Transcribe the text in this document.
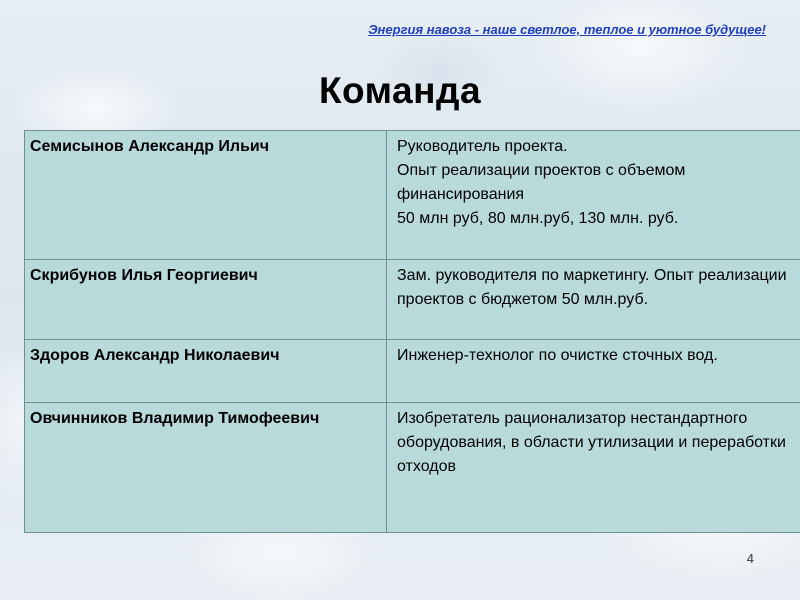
Энергия навоза - наше светлое, теплое и уютное будущее!
Команда
Семисынов Александр Ильич	Руководитель проекта.
Опыт реализации проектов с объемом финансирования
50 млн руб, 80 млн.руб, 130 млн. руб.

Скрибунов Илья Георгиевич	Зам. руководителя по маркетингу. Опыт реализации проектов с бюджетом 50 млн.руб.

Здоров Александр Николаевич	Инженер-технолог по очистке сточных вод.

Овчинников Владимир Тимофеевич	Изобретатель рационализатор нестандартного оборудования, в области утилизации и переработки отходов
4
